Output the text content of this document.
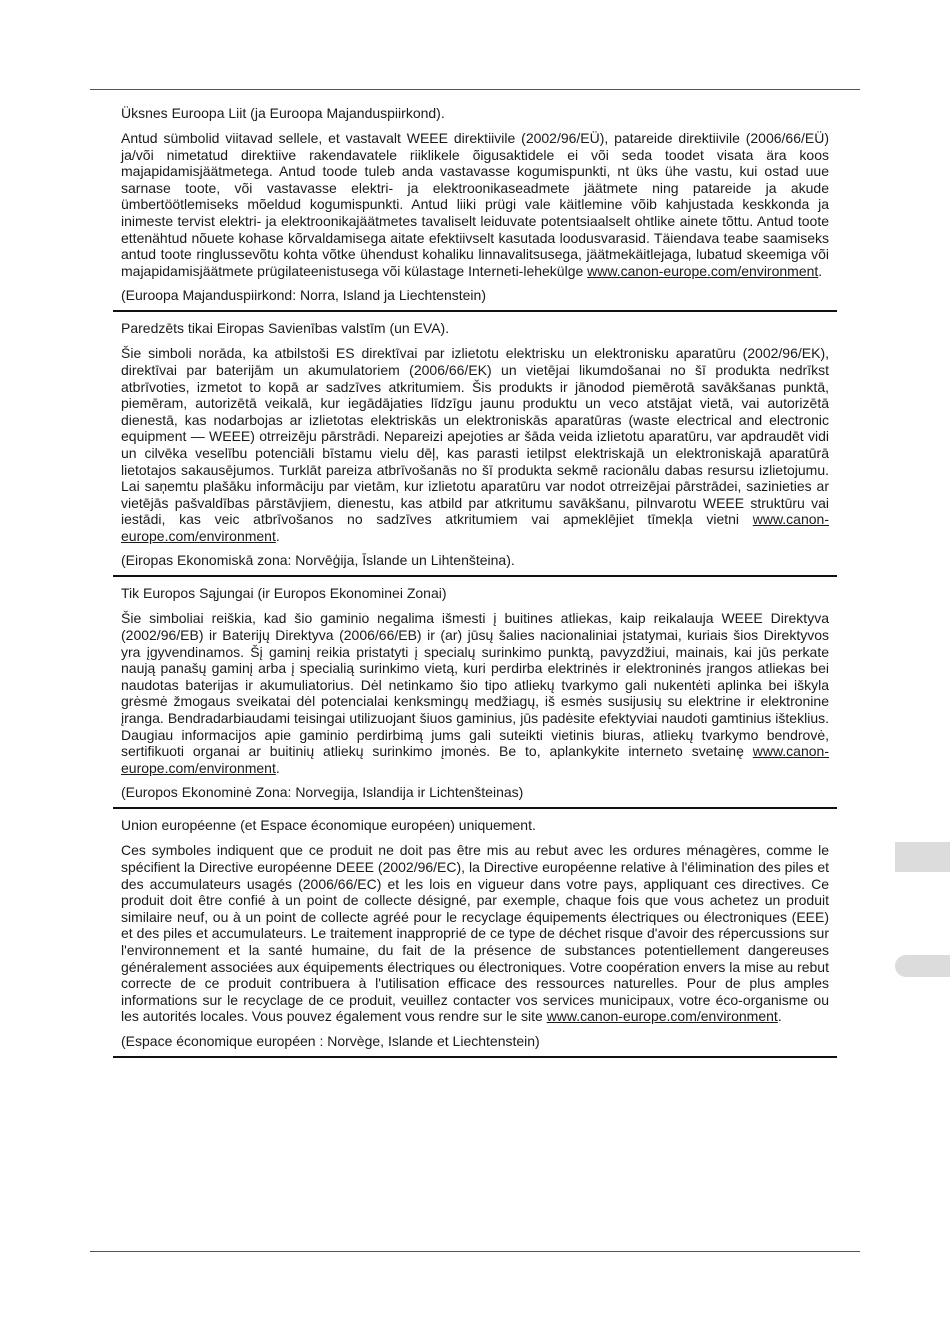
Üksnes Euroopa Liit (ja Euroopa Majanduspiirkond).

Antud sümbolid viitavad sellele, et vastavalt WEEE direktiivile (2002/96/EÜ), patareide direktiivile (2006/66/EÜ) ja/või nimetatud direktiive rakendavatele riiklikele õigusaktidele ei või seda toodet visata ära koos majapidamisjäätmetega. Antud toode tuleb anda vastavasse kogumispunkti, nt üks ühe vastu, kui ostad uue sarnase toote, või vastavasse elektri- ja elektroonikaseadmete jäätmete ning patareide ja akude ümbertöötlemiseks mõeldud kogumispunkti. Antud liiki prügi vale käitlemine võib kahjustada keskkonda ja inimeste tervist elektri- ja elektroonikajäätmetes tavaliselt leiduvate potentsiaalselt ohtlike ainete tõttu. Antud toote ettenähtud nõuete kohase kõrvaldamisega aitate efektiivselt kasutada loodusvarasid. Täiendava teabe saamiseks antud toote ringlussevõtu kohta võtke ühendust kohaliku linnavalitsusega, jäätmekäitlejaga, lubatud skeemiga või majapidamisjäätmete prügilateenistusega või külastage Interneti-lehekülge www.canon-europe.com/environment.

(Euroopa Majanduspiirkond: Norra, Island ja Liechtenstein)

Paredzēts tikai Eiropas Savienības valstīm (un EVA).

Šie simboli norāda, ka atbilstoši ES direktīvai par izlietotu elektrisku un elektronisku aparatūru (2002/96/EK), direktīvai par baterijām un akumulatoriem (2006/66/EK) un vietējai likumdošanai no šī produkta nedrīkst atbrīvoties, izmetot to kopā ar sadzīves atkritumiem. Šis produkts ir jānodod piemērotā savākšanas punktā, piemēram, autorizētā veikalā, kur iegādājaties līdzīgu jaunu produktu un veco atstājat vietā, vai autorizētā dienestā, kas nodarbojas ar izlietotas elektriskās un elektroniskās aparatūras (waste electrical and electronic equipment — WEEE) otrreizēju pārstrādi. Nepareizi apejoties ar šāda veida izlietotu aparatūru, var apdraudēt vidi un cilvēka veselību potenciāli bīstamu vielu dēļ, kas parasti ietilpst elektriskajā un elektroniskajā aparatūrā lietotajos sakausējumos. Turklāt pareiza atbrīvošanās no šī produkta sekmē racionālu dabas resursu izlietojumu. Lai saņemtu plašāku informāciju par vietām, kur izlietotu aparatūru var nodot otrreizējai pārstrādei, sazinieties ar vietējās pašvaldības pārstāvjiem, dienestu, kas atbild par atkritumu savākšanu, pilnvarotu WEEE struktūru vai iestādi, kas veic atbrīvošanos no sadzīves atkritumiem vai apmeklējiet tīmekļa vietni www.canon-europe.com/environment.

(Eiropas Ekonomiskā zona: Norvēģija, Īslande un Lihtenšteina).

Tik Europos Sąjungai (ir Europos Ekonominei Zonai)

Šie simboliai reiškia, kad šio gaminio negalima išmesti į buitines atliekas, kaip reikalauja WEEE Direktyva (2002/96/EB) ir Baterijų Direktyva (2006/66/EB) ir (ar) jūsų šalies nacionaliniai įstatymai, kuriais šios Direktyvos yra įgyvendinamos. Šį gaminį reikia pristatyti į specialų surinkimo punktą, pavyzdžiui, mainais, kai jūs perkate naują panašų gaminį arba į specialią surinkimo vietą, kuri perdirba elektrinės ir elektroninės įrangos atliekas bei naudotas baterijas ir akumuliatorius. Dėl netinkamo šio tipo atliekų tvarkymo gali nukentėti aplinka bei iškyla grėsmė žmogaus sveikatai dėl potencialai kenksmingų medžiagų, iš esmės susijusių su elektrine ir elektronine įranga. Bendradarbiaudami teisingai utilizuojant šiuos gaminius, jūs padėsite efektyviai naudoti gamtinius išteklius. Daugiau informacijos apie gaminio perdirbimą jums gali suteikti vietinis biuras, atliekų tvarkymo bendrovė, sertifikuoti organai ar buitinių atliekų surinkimo įmonės. Be to, aplankykite interneto svetainę www.canon-europe.com/environment.

(Europos Ekonominė Zona: Norvegija, Islandija ir Lichtenšteinas)

Union européenne (et Espace économique européen) uniquement.

Ces symboles indiquent que ce produit ne doit pas être mis au rebut avec les ordures ménagères, comme le spécifient la Directive européenne DEEE (2002/96/EC), la Directive européenne relative à l'élimination des piles et des accumulateurs usagés (2006/66/EC) et les lois en vigueur dans votre pays, appliquant ces directives. Ce produit doit être confié à un point de collecte désigné, par exemple, chaque fois que vous achetez un produit similaire neuf, ou à un point de collecte agréé pour le recyclage équipements électriques ou électroniques (EEE) et des piles et accumulateurs. Le traitement inapproprié de ce type de déchet risque d'avoir des répercussions sur l'environnement et la santé humaine, du fait de la présence de substances potentiellement dangereuses généralement associées aux équipements électriques ou électroniques. Votre coopération envers la mise au rebut correcte de ce produit contribuera à l'utilisation efficace des ressources naturelles. Pour de plus amples informations sur le recyclage de ce produit, veuillez contacter vos services municipaux, votre éco-organisme ou les autorités locales. Vous pouvez également vous rendre sur le site www.canon-europe.com/environment.

(Espace économique européen : Norvège, Islande et Liechtenstein)
